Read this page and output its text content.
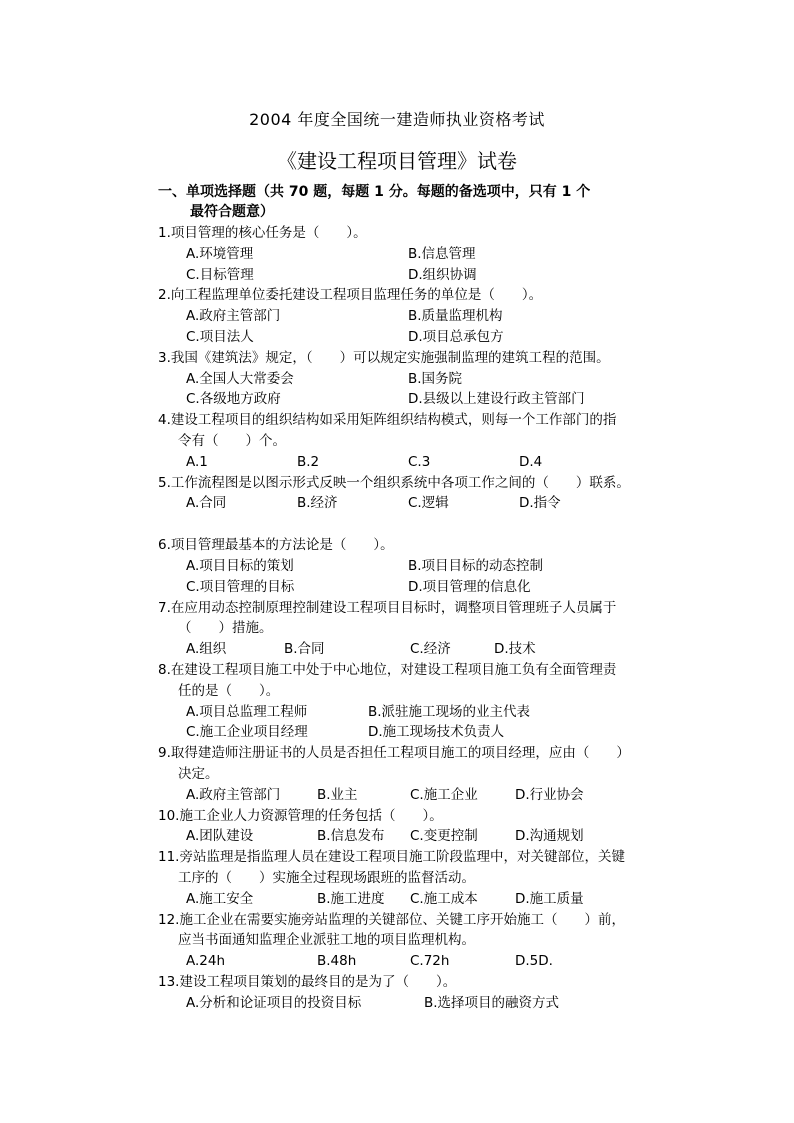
2004 年度全国统一建造师执业资格考试
《建设工程项目管理》试卷
一、单项选择题（共 70 题，每题 1 分。每题的备选项中，只有 1 个
最符合题意）
1.项目管理的核心任务是（　　）。
A.环境管理	B.信息管理
C.目标管理	D.组织协调
2.向工程监理单位委托建设工程项目监理任务的单位是（　　）。
A.政府主管部门	B.质量监理机构
C.项目法人	D.项目总承包方
3.我国《建筑法》规定，（　　）可以规定实施强制监理的建筑工程的范围。
A.全国人大常委会	B.国务院
C.各级地方政府	D.县级以上建设行政主管部门
4.建设工程项目的组织结构如采用矩阵组织结构模式，则每一个工作部门的指
令有（　　）个。
A.1	B.2	C.3	D.4
5.工作流程图是以图示形式反映一个组织系统中各项工作之间的（　　）联系。
A.合同	B.经济	C.逻辑	D.指令
6.项目管理最基本的方法论是（　　）。
A.项目目标的策划	B.项目目标的动态控制
C.项目管理的目标	D.项目管理的信息化
7.在应用动态控制原理控制建设工程项目目标时，调整项目管理班子人员属于
（　　）措施。
A.组织	B.合同	C.经济	D.技术
8.在建设工程项目施工中处于中心地位，对建设工程项目施工负有全面管理责
任的是（　　）。
A.项目总监理工程师	B.派驻施工现场的业主代表
C.施工企业项目经理	D.施工现场技术负责人
9.取得建造师注册证书的人员是否担任工程项目施工的项目经理，应由（　　）
决定。
A.政府主管部门	B.业主	C.施工企业	D.行业协会
10.施工企业人力资源管理的任务包括（　　）。
A.团队建设	B.信息发布	C.变更控制	D.沟通规划
11.旁站监理是指监理人员在建设工程项目施工阶段监理中，对关键部位，关键
工序的（　　）实施全过程现场跟班的监督活动。
A.施工安全	B.施工进度	C.施工成本	D.施工质量
12.施工企业在需要实施旁站监理的关键部位、关键工序开始施工（　　）前，
应当书面通知监理企业派驻工地的项目监理机构。
A.24h	B.48h	C.72h	D.5D.
13.建设工程项目策划的最终目的是为了（　　）。
A.分析和论证项目的投资目标	B.选择项目的融资方式
